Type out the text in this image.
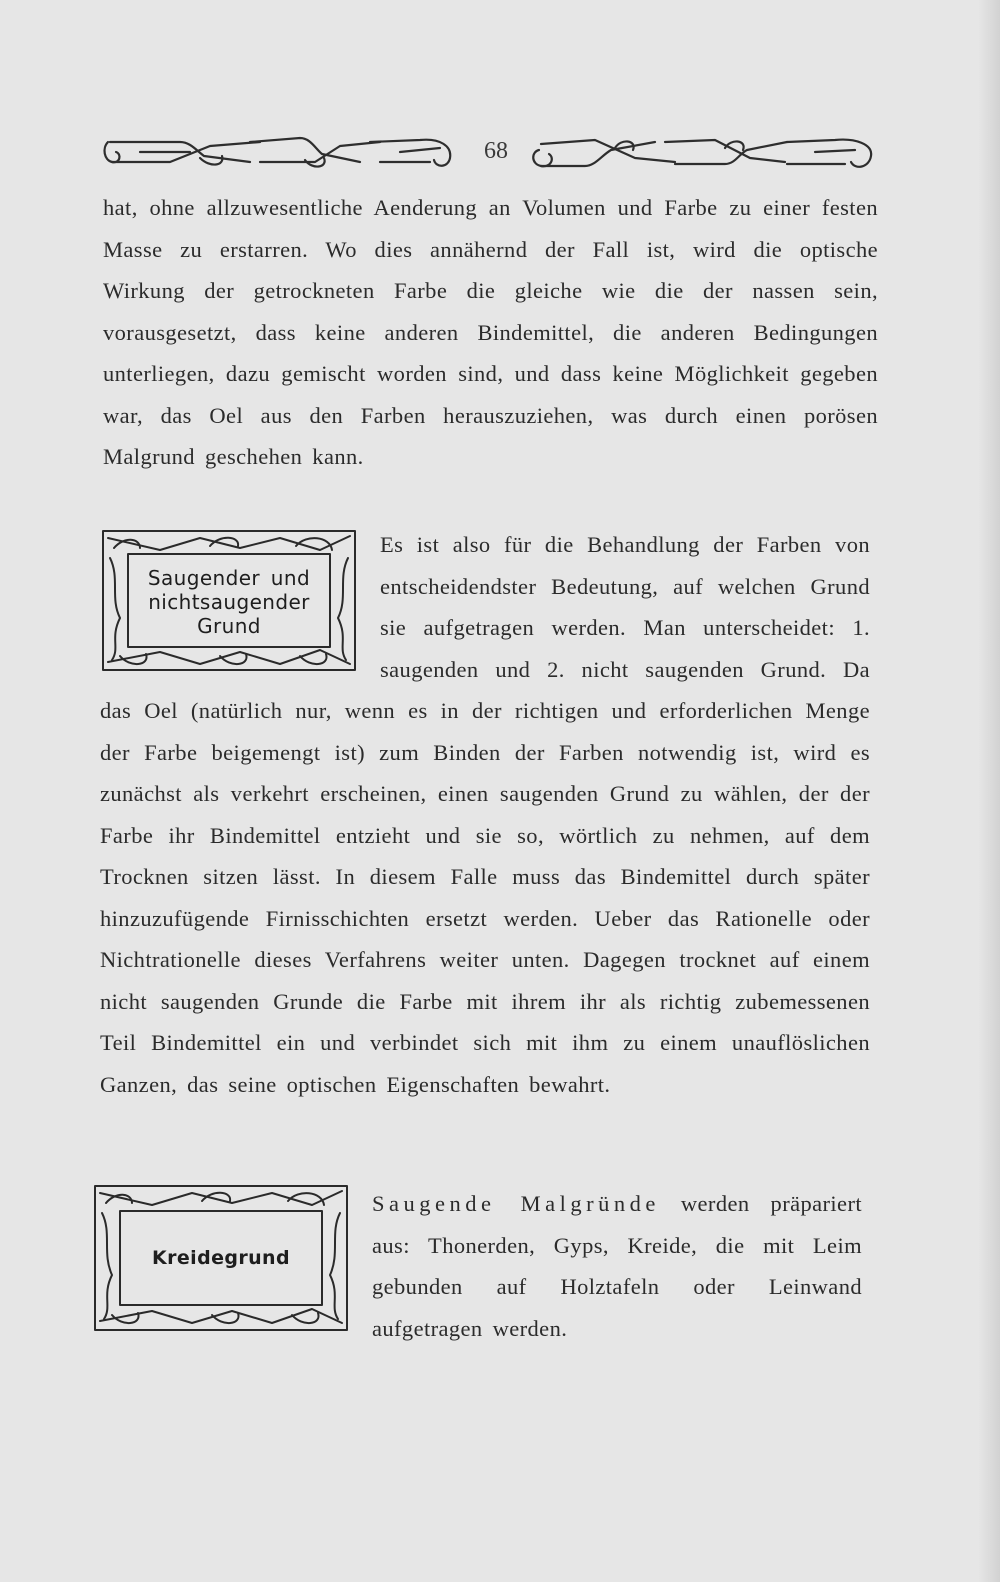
68

hat, ohne allzuwesentliche Aenderung an Volumen und Farbe zu einer festen Masse zu erstarren. Wo dies annähernd der Fall ist, wird die optische Wirkung der getrockneten Farbe die gleiche wie die der nassen sein, vorausgesetzt, dass keine anderen Bindemittel, die anderen Bedingungen unterliegen, dazu gemischt worden sind, und dass keine Möglichkeit gegeben war, das Oel aus den Farben herauszuziehen, was durch einen porösen Malgrund geschehen kann.

Saugender und
nichtsaugender
Grund
Es ist also für die Behandlung der Farben von entscheidendster Bedeutung, auf welchen Grund sie aufgetragen werden. Man unterscheidet: 1. saugenden und 2. nicht saugenden Grund. Da das Oel (natürlich nur, wenn es in der richtigen und erforderlichen Menge der Farbe beigemengt ist) zum Binden der Farben notwendig ist, wird es zunächst als verkehrt erscheinen, einen saugenden Grund zu wählen, der der Farbe ihr Bindemittel entzieht und sie so, wörtlich zu nehmen, auf dem Trocknen sitzen lässt. In diesem Falle muss das Bindemittel durch später hinzuzufügende Firnisschichten ersetzt werden. Ueber das Rationelle oder Nichtrationelle dieses Verfahrens weiter unten. Dagegen trocknet auf einem nicht saugenden Grunde die Farbe mit ihrem ihr als richtig zubemessenen Teil Bindemittel ein und verbindet sich mit ihm zu einem unauflöslichen Ganzen, das seine optischen Eigenschaften bewahrt.
Kreidegrund
Saugende Malgründe werden präpariert aus: Thonerden, Gyps, Kreide, die mit Leim gebunden auf Holztafeln oder Leinwand aufgetragen werden.
